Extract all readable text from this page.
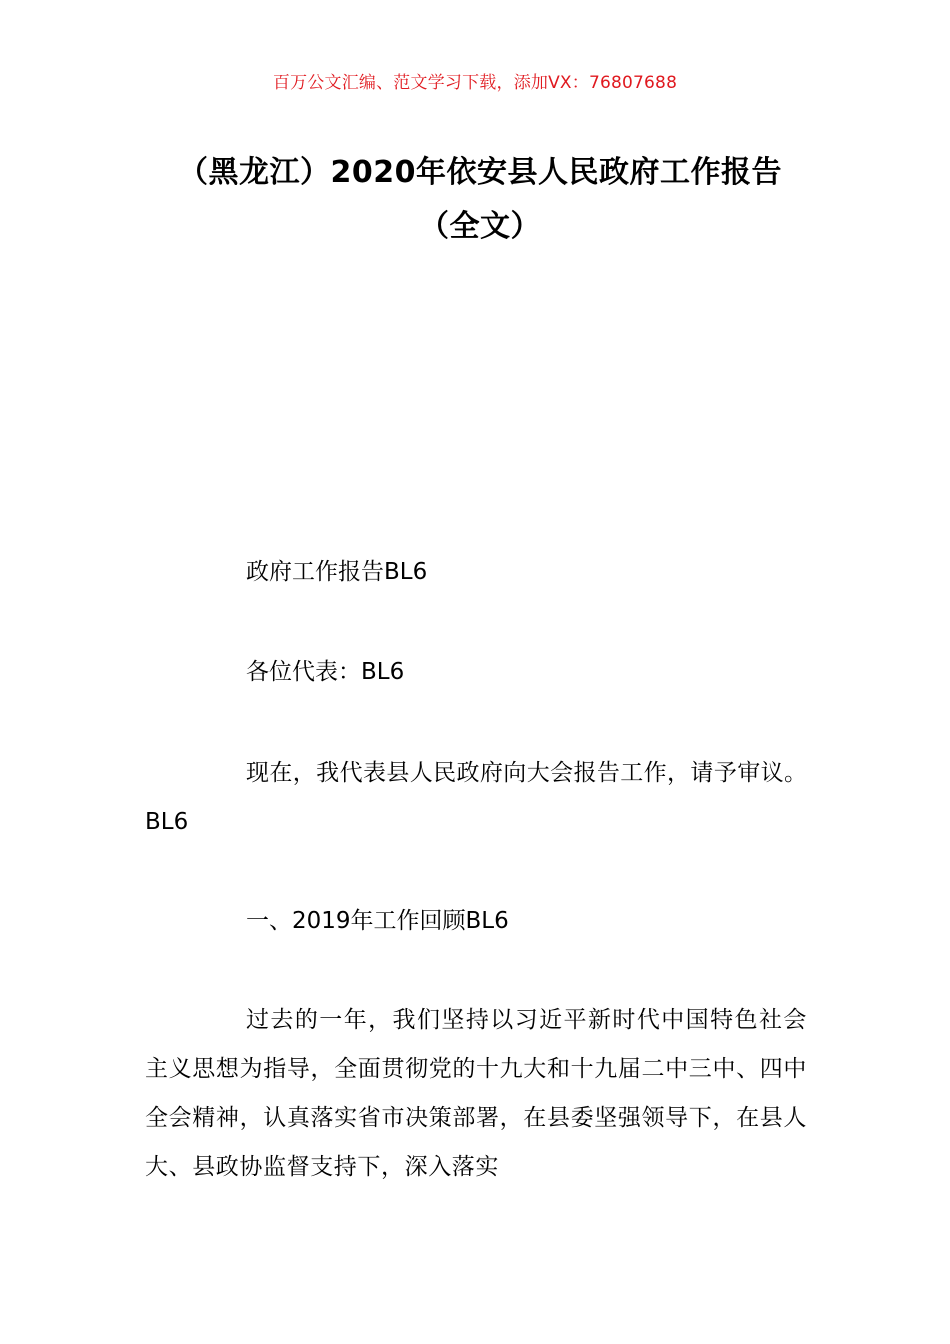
百万公文汇编、范文学习下载，添加VX：76807688
（黑龙江）2020年依安县人民政府工作报告（全文）
政府工作报告BL6
各位代表：BL6
现在，我代表县人民政府向大会报告工作，请予审议。BL6
一、2019年工作回顾BL6
过去的一年，我们坚持以习近平新时代中国特色社会主义思想为指导，全面贯彻党的十九大和十九届二中三中、四中全会精神，认真落实省市决策部署，在县委坚强领导下，在县人大、县政协监督支持下，深入落实
